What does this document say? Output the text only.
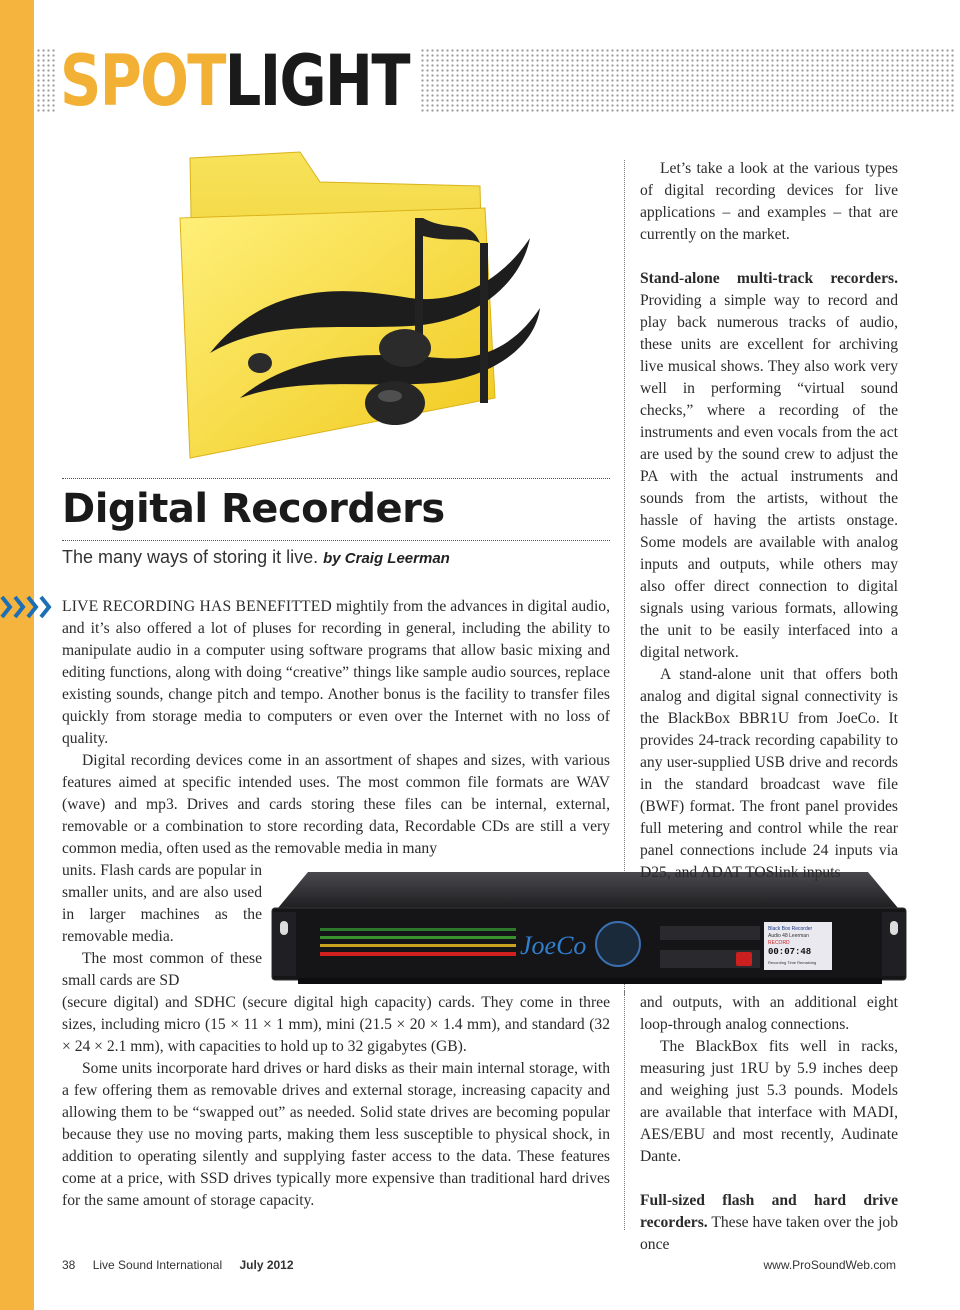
SPOTLIGHT
Digital Recorders
The many ways of storing it live. by Craig Leerman

LIVE RECORDING HAS BENEFITTED mightily from the advances in digital audio, and it’s also offered a lot of pluses for recording in general, including the ability to manipulate audio in a computer using software programs that allow basic mixing and editing functions, along with doing “creative” things like sample audio sources, replace existing sounds, change pitch and tempo. Another bonus is the facility to transfer files quickly from storage media to computers or even over the Internet with no loss of quality.

Digital recording devices come in an assortment of shapes and sizes, with various features aimed at specific intended uses. The most common file formats are WAV (wave) and mp3. Drives and cards storing these files can be internal, external, removable or a combination to store recording data, Recordable CDs are still a very common media, often used as the removable media in many

units. Flash cards are popular in smaller units, and are also used in larger machines as the removable media.

The most common of these small cards are SD

JoeCo
Black Box Recorder
Audio 48 Leerman
RECORD
00:07:48
Recording Time Remaining

(secure digital) and SDHC (secure digital high capacity) cards. They come in three sizes, including micro (15 × 11 × 1 mm), mini (21.5 × 20 × 1.4 mm), and standard (32 × 24 × 2.1 mm), with capacities to hold up to 32 gigabytes (GB).

Some units incorporate hard drives or hard disks as their main internal storage, with a few offering them as removable drives and external storage, increasing capacity and allowing them to be “swapped out” as needed. Solid state drives are becoming popular because they use no moving parts, making them less susceptible to physical shock, in addition to operating silently and supplying faster access to the data. These features come at a price, with SSD drives typically more expensive than traditional hard drives for the same amount of storage capacity.

Let’s take a look at the various types of digital recording devices for live applications – and examples – that are currently on the market.

Stand-alone multi-track recorders. Providing a simple way to record and play back numerous tracks of audio, these units are excellent for archiving live musical shows. They also work very well in performing “virtual sound checks,” where a recording of the instruments and even vocals from the act are used by the sound crew to adjust the PA with the actual instruments and sounds from the artists, without the hassle of having the artists onstage. Some models are available with analog inputs and outputs, while others may also offer direct connection to digital signals using various formats, allowing the unit to be easily interfaced into a digital network.

A stand-alone unit that offers both analog and digital signal connectivity is the BlackBox BBR1U from JoeCo. It provides 24-track recording capability to any user-supplied USB drive and records in the standard broadcast wave file (BWF) format. The front panel provides full metering and control while the rear panel connections include 24 inputs via D25, and ADAT TOSlink inputs

and outputs, with an additional eight loop-through analog connections.

The BlackBox fits well in racks, measuring just 1RU by 5.9 inches deep and weighing just 5.3 pounds. Models are available that interface with MADI, AES/EBU and most recently, Audinate Dante.

Full-sized flash and hard drive recorders. These have taken over the job once

38 Live Sound International July 2012	www.ProSoundWeb.com
